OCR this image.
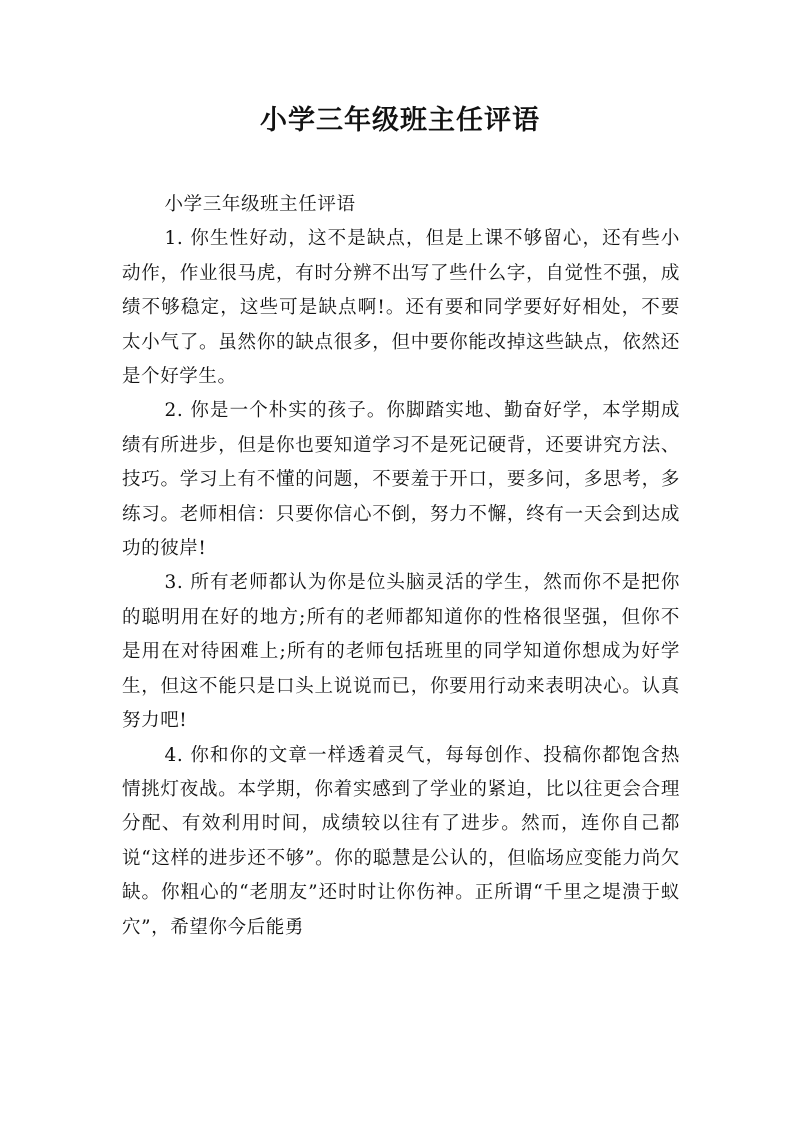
小学三年级班主任评语

小学三年级班主任评语

1. 你生性好动，这不是缺点，但是上课不够留心，还有些小动作，作业很马虎，有时分辨不出写了些什么字，自觉性不强，成绩不够稳定，这些可是缺点啊!。还有要和同学要好好相处，不要太小气了。虽然你的缺点很多，但中要你能改掉这些缺点，依然还是个好学生。

2. 你是一个朴实的孩子。你脚踏实地、勤奋好学，本学期成绩有所进步，但是你也要知道学习不是死记硬背，还要讲究方法、技巧。学习上有不懂的问题，不要羞于开口，要多问，多思考，多练习。老师相信：只要你信心不倒，努力不懈，终有一天会到达成功的彼岸!

3. 所有老师都认为你是位头脑灵活的学生，然而你不是把你的聪明用在好的地方;所有的老师都知道你的性格很坚强，但你不是用在对待困难上;所有的老师包括班里的同学知道你想成为好学生，但这不能只是口头上说说而已，你要用行动来表明决心。认真努力吧!

4. 你和你的文章一样透着灵气，每每创作、投稿你都饱含热情挑灯夜战。本学期，你着实感到了学业的紧迫，比以往更会合理分配、有效利用时间，成绩较以往有了进步。然而，连你自己都说“这样的进步还不够”。你的聪慧是公认的，但临场应变能力尚欠缺。你粗心的“老朋友”还时时让你伤神。正所谓“千里之堤溃于蚁穴”，希望你今后能勇
